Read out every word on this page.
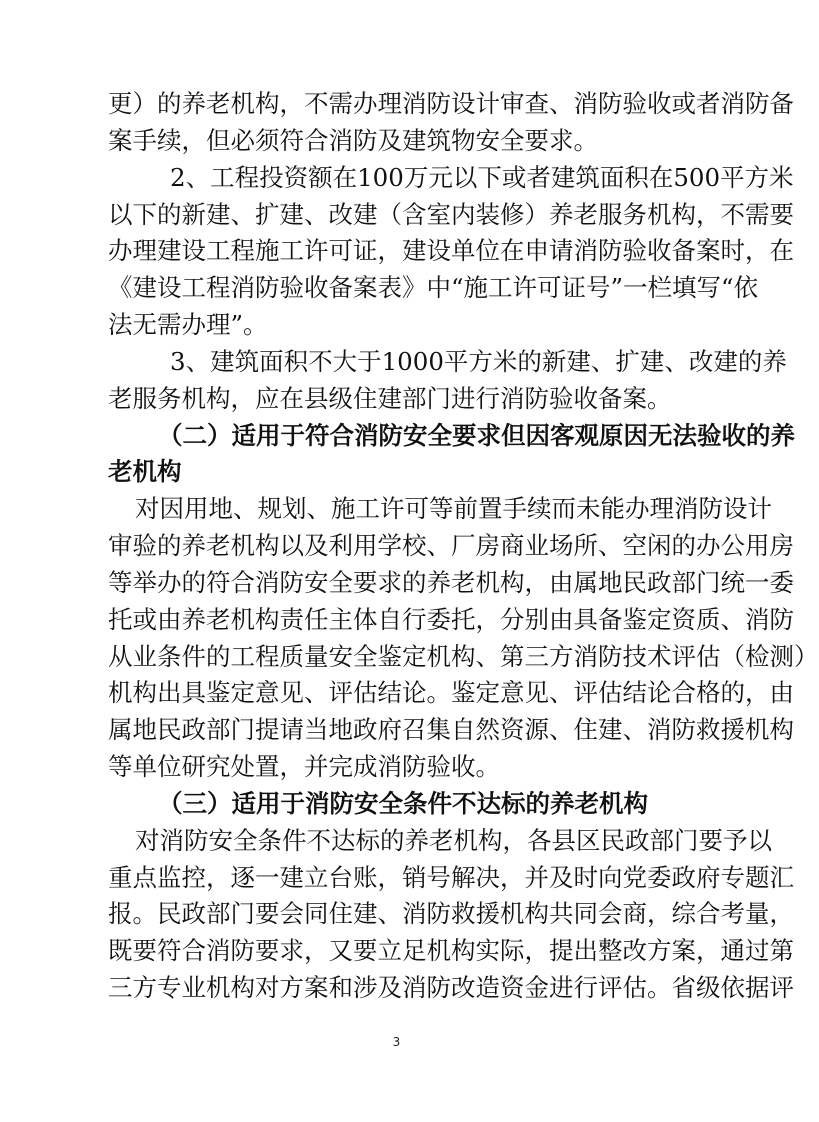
更）的养老机构，不需办理消防设计审查、消防验收或者消防备
案手续，但必须符合消防及建筑物安全要求。
2、工程投资额在100万元以下或者建筑面积在500平方米
以下的新建、扩建、改建（含室内装修）养老服务机构，不需要
办理建设工程施工许可证，建设单位在申请消防验收备案时，在
《建设工程消防验收备案表》中“施工许可证号”一栏填写“依
法无需办理”。
3、建筑面积不大于1000平方米的新建、扩建、改建的养
老服务机构，应在县级住建部门进行消防验收备案。
（二）适用于符合消防安全要求但因客观原因无法验收的养
老机构
对因用地、规划、施工许可等前置手续而未能办理消防设计
审验的养老机构以及利用学校、厂房商业场所、空闲的办公用房
等举办的符合消防安全要求的养老机构，由属地民政部门统一委
托或由养老机构责任主体自行委托，分别由具备鉴定资质、消防
从业条件的工程质量安全鉴定机构、第三方消防技术评估（检测）
机构出具鉴定意见、评估结论。鉴定意见、评估结论合格的，由
属地民政部门提请当地政府召集自然资源、住建、消防救援机构
等单位研究处置，并完成消防验收。
（三）适用于消防安全条件不达标的养老机构
对消防安全条件不达标的养老机构，各县区民政部门要予以
重点监控，逐一建立台账，销号解决，并及时向党委政府专题汇
报。民政部门要会同住建、消防救援机构共同会商，综合考量，
既要符合消防要求，又要立足机构实际，提出整改方案，通过第
三方专业机构对方案和涉及消防改造资金进行评估。省级依据评
3
